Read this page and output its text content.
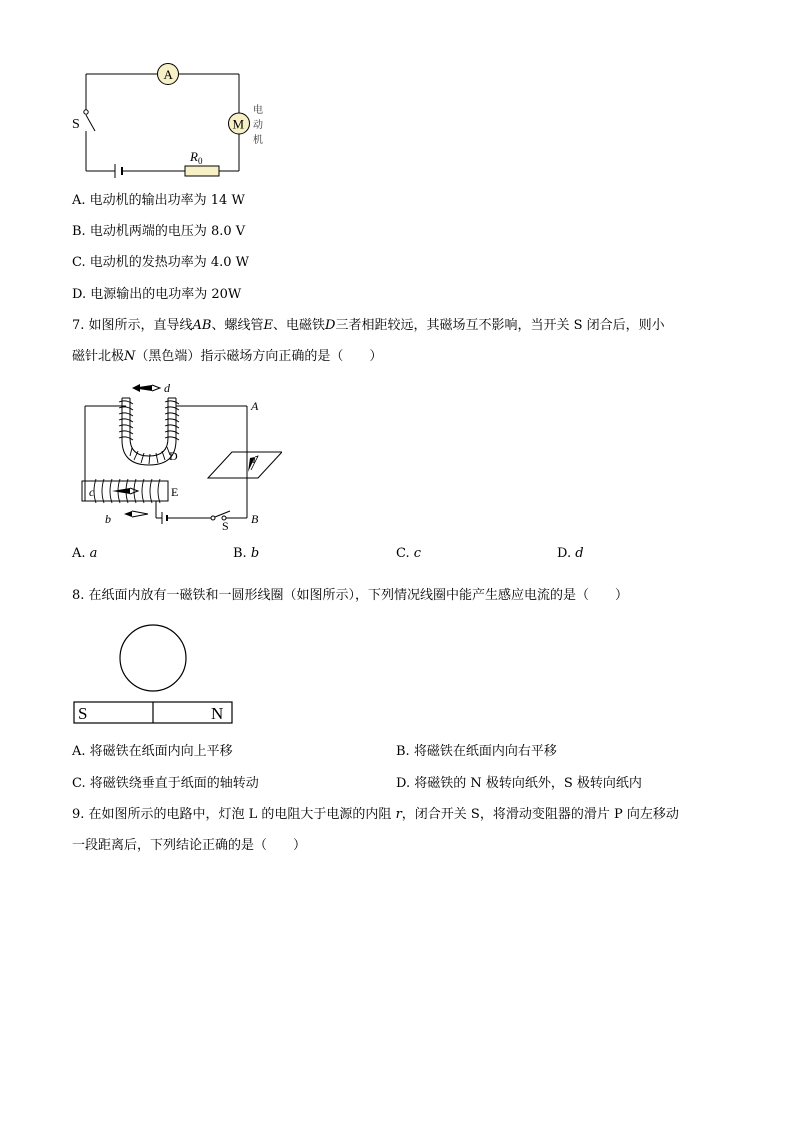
S
$R_0$
A
M
电
动
机
A. 电动机的输出功率为 14 W
B. 电动机两端的电压为 8.0 V
C. 电动机的发热功率为 4.0 W
D. 电源输出的电功率为 20W
7. 如图所示，直导线AB、螺线管E、电磁铁D三者相距较远，其磁场互不影响，当开关 S 闭合后，则小
磁针北极N（黑色端）指示磁场方向正确的是（　　）
d
A
D	a
c	E
b	S B
A. a	B. b	C. c	D. d
8. 在纸面内放有一磁铁和一圆形线圈（如图所示），下列情况线圈中能产生感应电流的是（　　）
S	N
A. 将磁铁在纸面内向上平移	B. 将磁铁在纸面内向右平移
C. 将磁铁绕垂直于纸面的轴转动	D. 将磁铁的 N 极转向纸外，S 极转向纸内
9. 在如图所示的电路中，灯泡 L 的电阻大于电源的内阻 r，闭合开关 S，将滑动变阻器的滑片 P 向左移动
一段距离后，下列结论正确的是（　　）
